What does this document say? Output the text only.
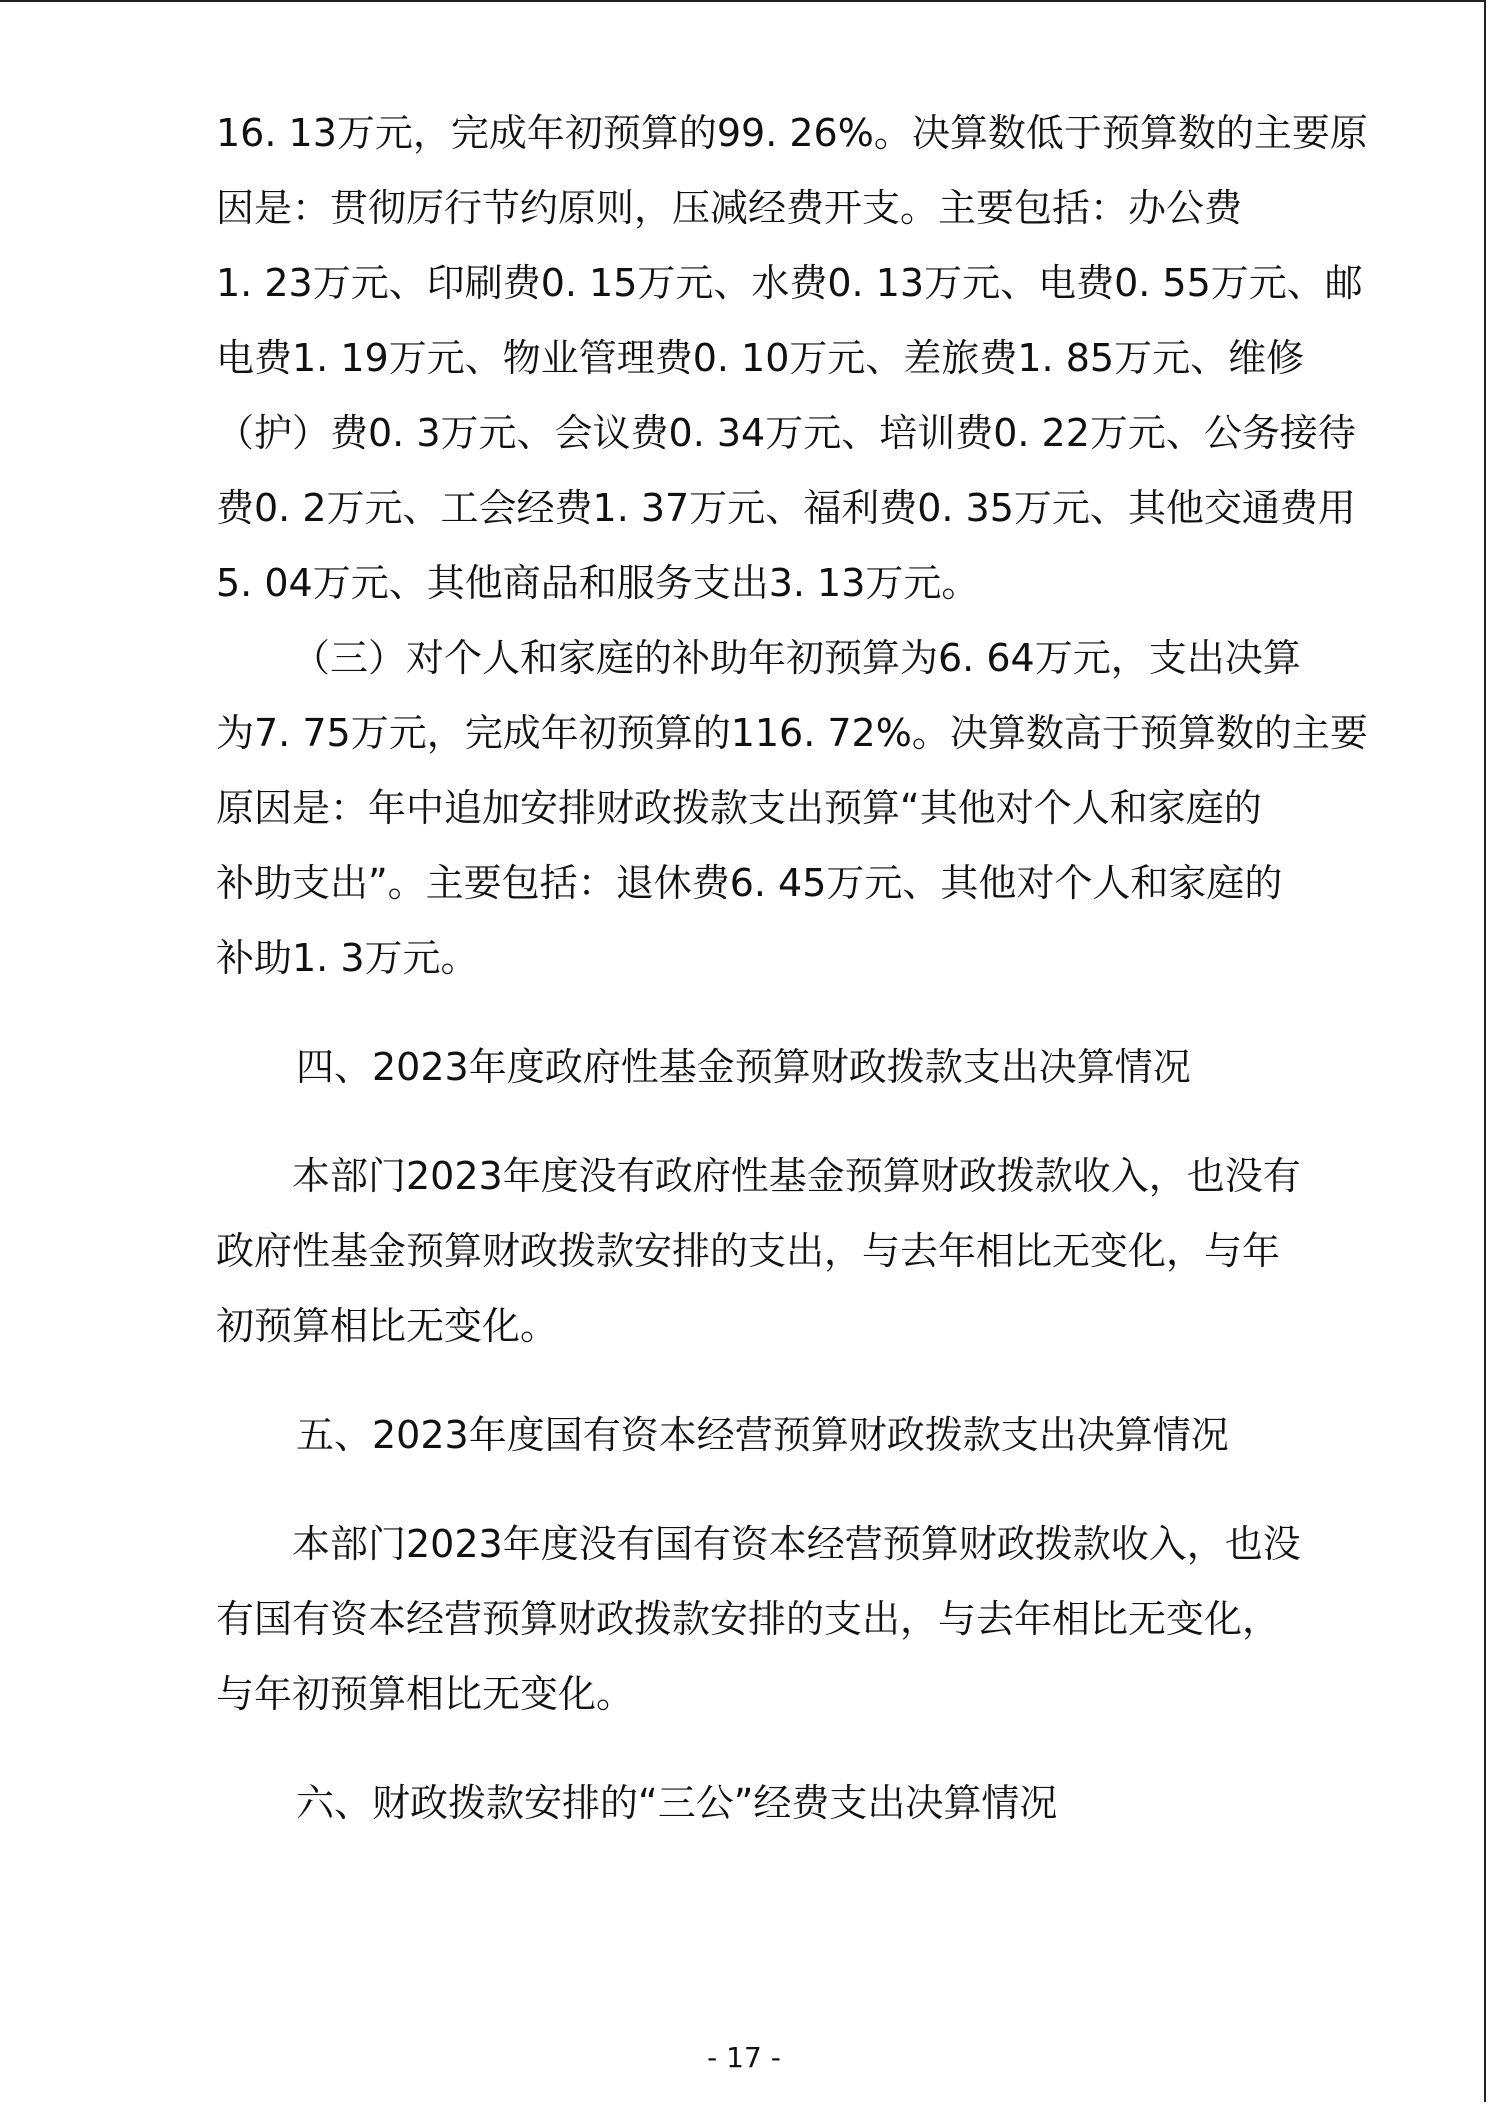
16. 13万元，完成年初预算的99. 26%。决算数低于预算数的主要原

因是：贯彻厉行节约原则，压减经费开支。主要包括：办公费

1. 23万元、印刷费0. 15万元、水费0. 13万元、电费0. 55万元、邮

电费1. 19万元、物业管理费0. 10万元、差旅费1. 85万元、维修

（护）费0. 3万元、会议费0. 34万元、培训费0. 22万元、公务接待

费0. 2万元、工会经费1. 37万元、福利费0. 35万元、其他交通费用

5. 04万元、其他商品和服务支出3. 13万元。

（三）对个人和家庭的补助年初预算为6. 64万元，支出决算

为7. 75万元，完成年初预算的116. 72%。决算数高于预算数的主要

原因是：年中追加安排财政拨款支出预算“其他对个人和家庭的

补助支出”。主要包括：退休费6. 45万元、其他对个人和家庭的

补助1. 3万元。

四、2023年度政府性基金预算财政拨款支出决算情况

本部门2023年度没有政府性基金预算财政拨款收入，也没有

政府性基金预算财政拨款安排的支出，与去年相比无变化，与年

初预算相比无变化。

五、2023年度国有资本经营预算财政拨款支出决算情况

本部门2023年度没有国有资本经营预算财政拨款收入，也没

有国有资本经营预算财政拨款安排的支出，与去年相比无变化，

与年初预算相比无变化。

六、财政拨款安排的“三公”经费支出决算情况
- 17 -
